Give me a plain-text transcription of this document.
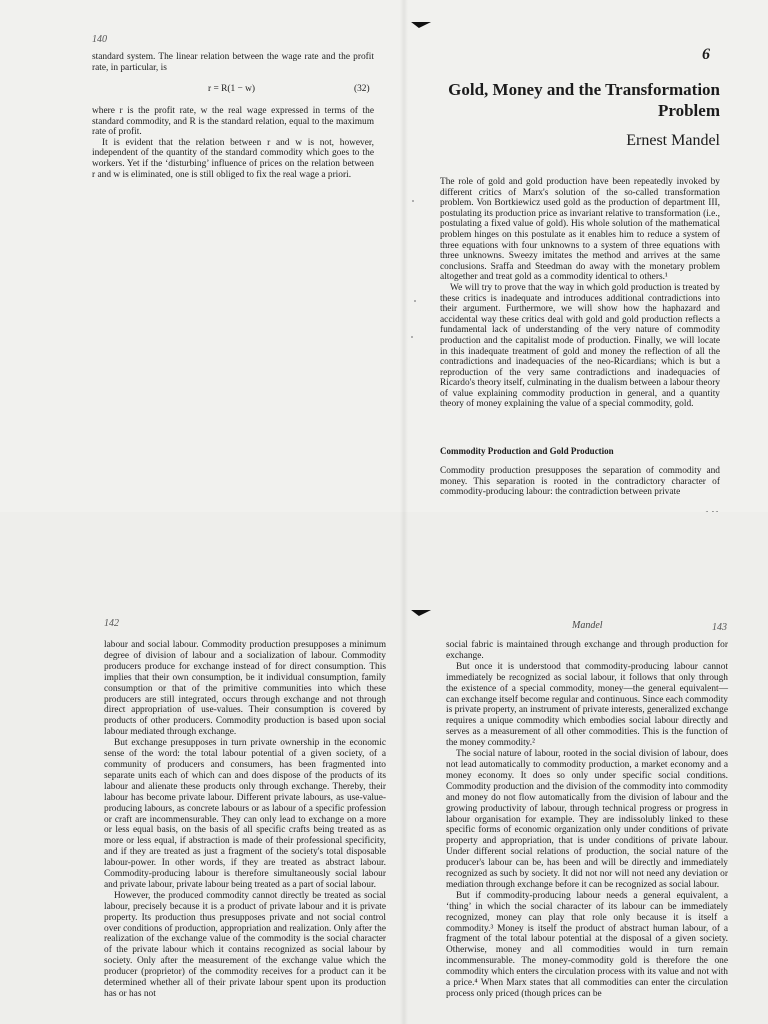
140

standard system. The linear relation between the wage rate and the profit rate, in particular, is

r = R(1 − w)	(32)

where r is the profit rate, w the real wage expressed in terms of the standard commodity, and R is the standard relation, equal to the maximum rate of profit.

It is evident that the relation between r and w is not, however, independent of the quantity of the standard commodity which goes to the workers. Yet if the ‘disturbing’ influence of prices on the relation between r and w is eliminated, one is still obliged to fix the real wage a priori.

6
Gold, Money and the Transformation
Problem
Ernest Mandel

The role of gold and gold production have been repeatedly invoked by different critics of Marx's solution of the so-called transformation problem. Von Bortkiewicz used gold as the production of department III, postulating its production price as invariant relative to transformation (i.e., postulating a fixed value of gold). His whole solution of the mathematical problem hinges on this postulate as it enables him to reduce a system of three equations with four unknowns to a system of three equations with three unknowns. Sweezy imitates the method and arrives at the same conclusions. Sraffa and Steedman do away with the monetary problem altogether and treat gold as a commodity identical to others.¹

We will try to prove that the way in which gold production is treated by these critics is inadequate and introduces additional contradictions into their argument. Furthermore, we will show how the haphazard and accidental way these critics deal with gold and gold production reflects a fundamental lack of understanding of the very nature of commodity production and the capitalist mode of production. Finally, we will locate in this inadequate treatment of gold and money the reflection of all the contradictions and inadequacies of the neo-Ricardians; which is but a reproduction of the very same contradictions and inadequacies of Ricardo's theory itself, culminating in the dualism between a labour theory of value explaining commodity production in general, and a quantity theory of money explaining the value of a special commodity, gold.

Commodity Production and Gold Production

Commodity production presupposes the separation of commodity and money. This separation is rooted in the contradictory character of commodity-producing labour: the contradiction between private

142

labour and social labour. Commodity production presupposes a minimum degree of division of labour and a socialization of labour. Commodity producers produce for exchange instead of for direct consumption. This implies that their own consumption, be it individual consumption, family consumption or that of the primitive communities into which these producers are still integrated, occurs through exchange and not through direct appropriation of use-values. Their consumption is covered by products of other producers. Commodity production is based upon social labour mediated through exchange.

But exchange presupposes in turn private ownership in the economic sense of the word: the total labour potential of a given society, of a community of producers and consumers, has been fragmented into separate units each of which can and does dispose of the products of its labour and alienate these products only through exchange. Thereby, their labour has become private labour. Different private labours, as use-value-producing labours, as concrete labours or as labour of a specific profession or craft are incommensurable. They can only lead to exchange on a more or less equal basis, on the basis of all specific crafts being treated as as more or less equal, if abstraction is made of their professional specificity, and if they are treated as just a fragment of the society's total disposable labour-power. In other words, if they are treated as abstract labour. Commodity-producing labour is therefore simultaneously social labour and private labour, private labour being treated as a part of social labour.

However, the produced commodity cannot directly be treated as social labour, precisely because it is a product of private labour and it is private property. Its production thus presupposes private and not social control over conditions of production, appropriation and realization. Only after the realization of the exchange value of the commodity is the social character of the private labour which it contains recognized as social labour by society. Only after the measurement of the exchange value which the producer (proprietor) of the commodity receives for a product can it be determined whether all of their private labour spent upon its production has or has not

Mandel	143

social fabric is maintained through exchange and through production for exchange.

But once it is understood that commodity-producing labour cannot immediately be recognized as social labour, it follows that only through the existence of a special commodity, money—the general equivalent—can exchange itself become regular and continuous. Since each commodity is private property, an instrument of private interests, generalized exchange requires a unique commodity which embodies social labour directly and serves as a measurement of all other commodities. This is the function of the money commodity.²

The social nature of labour, rooted in the social division of labour, does not lead automatically to commodity production, a market economy and a money economy. It does so only under specific social conditions. Commodity production and the division of the commodity into commodity and money do not flow automatically from the division of labour and the growing productivity of labour, through technical progress or progress in labour organisation for example. They are indissolubly linked to these specific forms of economic organization only under conditions of private property and appropriation, that is under conditions of private labour. Under different social relations of production, the social nature of the producer's labour can be, has been and will be directly and immediately recognized as such by society. It did not nor will not need any deviation or mediation through exchange before it can be recognized as social labour.

But if commodity-producing labour needs a general equivalent, a ‘thing’ in which the social character of its labour can be immediately recognized, money can play that role only because it is itself a commodity.³ Money is itself the product of abstract human labour, of a fragment of the total labour potential at the disposal of a given society. Otherwise, money and all commodities would in turn remain incommensurable. The money-commodity gold is therefore the one commodity which enters the circulation process with its value and not with a price.⁴ When Marx states that all commodities can enter the circulation process only priced (though prices can be
